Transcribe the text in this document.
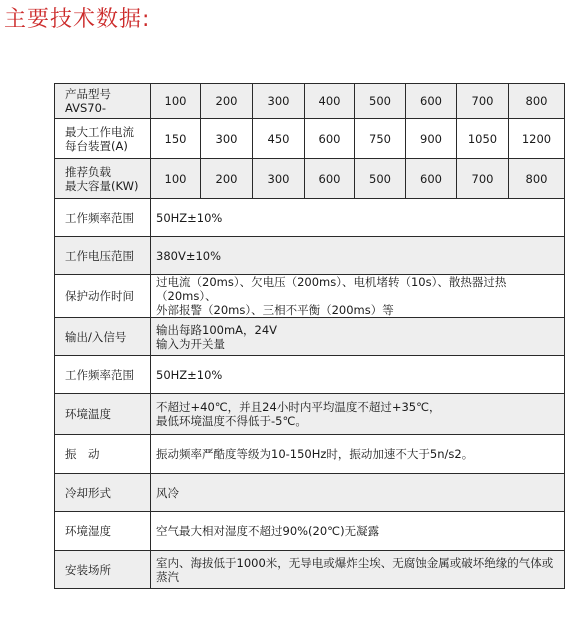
主要技术数据:
产品型号
AVS70-	100	200	300	400	500	600	700	800

最大工作电流
每台装置(A)	150	300	450	600	750	900	1050	1200

推荐负载
最大容量(KW)	100	200	300	600	500	600	700	800
工作频率范围	50HZ±10%							

工作电压范围	380V±10%							

保护动作时间	过电流（20ms）、欠电压（200ms）、电机堵转（10s）、散热器过热（20ms）、
外部报警（20ms）、三相不平衡（200ms）等							

输出/入信号	输出每路100mA，24V
输入为开关量							

工作频率范围	50HZ±10%							

环境温度	不超过+40℃，并且24小时内平均温度不超过+35℃，
最低环境温度不得低于-5℃。							

振　动	振动频率严酷度等级为10-150Hz时，振动加速不大于5n/s2。							

冷却形式	风冷							

环境湿度	空气最大相对湿度不超过90%(20℃)无凝露							

安装场所	室内、海拔低于1000米，无导电或爆炸尘埃、无腐蚀金属或破坏绝缘的气体或蒸汽							
